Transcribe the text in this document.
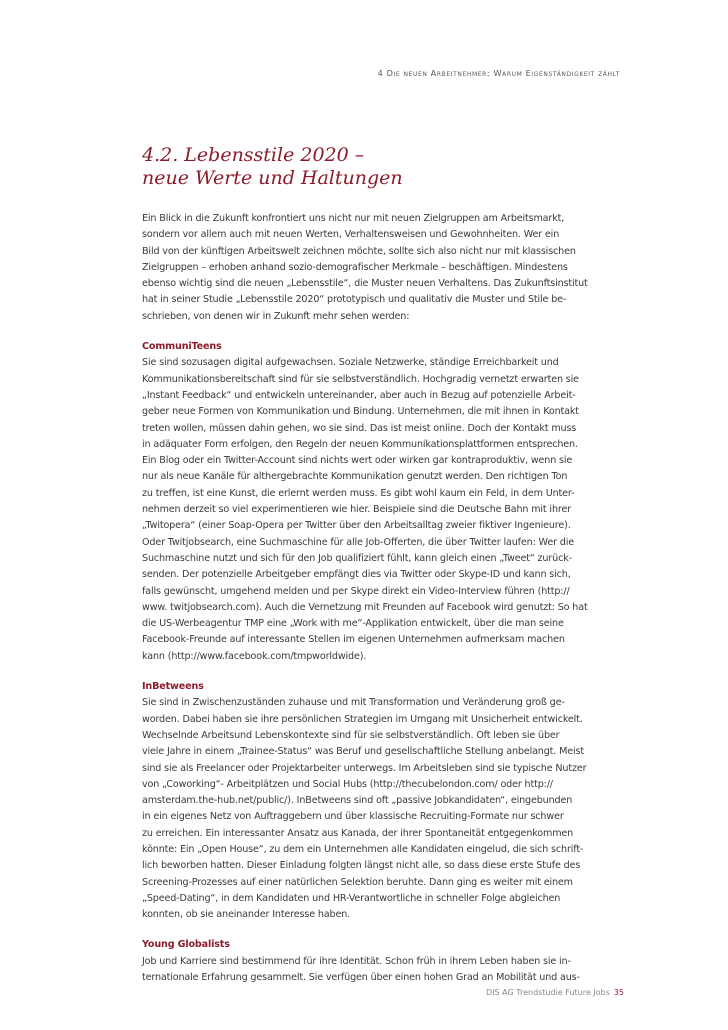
4 Die neuen Arbeitnehmer: Warum Eigenständigkeit zählt
4.2. Lebensstile 2020 –
neue Werte und Haltungen

Ein Blick in die Zukunft konfrontiert uns nicht nur mit neuen Zielgruppen am Arbeitsmarkt,
sondern vor allem auch mit neuen Werten, Verhaltensweisen und Gewohnheiten. Wer ein
Bild von der künftigen Arbeitswelt zeichnen möchte, sollte sich also nicht nur mit klassischen
Zielgruppen – erhoben anhand sozio-demografischer Merkmale – beschäftigen. Mindestens
ebenso wichtig sind die neuen „Lebensstile“, die Muster neuen Verhaltens. Das Zukunftsinstitut
hat in seiner Studie „Lebensstile 2020“ prototypisch und qualitativ die Muster und Stile be-
schrieben, von denen wir in Zukunft mehr sehen werden:

CommuniTeens
Sie sind sozusagen digital aufgewachsen. Soziale Netzwerke, ständige Erreichbarkeit und
Kommunikationsbereitschaft sind für sie selbstverständlich. Hochgradig vernetzt erwarten sie
„Instant Feedback“ und entwickeln untereinander, aber auch in Bezug auf potenzielle Arbeit-
geber neue Formen von Kommunikation und Bindung. Unternehmen, die mit ihnen in Kontakt
treten wollen, müssen dahin gehen, wo sie sind. Das ist meist online. Doch der Kontakt muss
in adäquater Form erfolgen, den Regeln der neuen Kommunikationsplattformen entsprechen.
Ein Blog oder ein Twitter-Account sind nichts wert oder wirken gar kontraproduktiv, wenn sie
nur als neue Kanäle für althergebrachte Kommunikation genutzt werden. Den richtigen Ton
zu treffen, ist eine Kunst, die erlernt werden muss. Es gibt wohl kaum ein Feld, in dem Unter-
nehmen derzeit so viel experimentieren wie hier. Beispiele sind die Deutsche Bahn mit ihrer
„Twitopera“ (einer Soap-Opera per Twitter über den Arbeitsalltag zweier fiktiver Ingenieure).
Oder Twitjobsearch, eine Suchmaschine für alle Job-Offerten, die über Twitter laufen: Wer die
Suchmaschine nutzt und sich für den Job qualifiziert fühlt, kann gleich einen „Tweet“ zurück-
senden. Der potenzielle Arbeitgeber empfängt dies via Twitter oder Skype-ID und kann sich,
falls gewünscht, umgehend melden und per Skype direkt ein Video-Interview führen (http://
www. twitjobsearch.com). Auch die Vernetzung mit Freunden auf Facebook wird genutzt: So hat
die US-Werbeagentur TMP eine „Work with me“-Applikation entwickelt, über die man seine
Facebook-Freunde auf interessante Stellen im eigenen Unternehmen aufmerksam machen
kann (http://www.facebook.com/tmpworldwide).

InBetweens
Sie sind in Zwischenzuständen zuhause und mit Transformation und Veränderung groß ge-
worden. Dabei haben sie ihre persönlichen Strategien im Umgang mit Unsicherheit entwickelt.
Wechselnde Arbeitsund Lebenskontexte sind für sie selbstverständlich. Oft leben sie über
viele Jahre in einem „Trainee-Status“ was Beruf und gesellschaftliche Stellung anbelangt. Meist
sind sie als Freelancer oder Projektarbeiter unterwegs. Im Arbeitsleben sind sie typische Nutzer
von „Coworking“- Arbeitplätzen und Social Hubs (http://thecubelondon.com/ oder http://
amsterdam.the-hub.net/public/). InBetweens sind oft „passive Jobkandidaten“, eingebunden
in ein eigenes Netz von Auftraggebern und über klassische Recruiting-Formate nur schwer
zu erreichen. Ein interessanter Ansatz aus Kanada, der ihrer Spontaneität entgegenkommen
könnte: Ein „Open House“, zu dem ein Unternehmen alle Kandidaten eingelud, die sich schrift-
lich beworben hatten. Dieser Einladung folgten längst nicht alle, so dass diese erste Stufe des
Screening-Prozesses auf einer natürlichen Selektion beruhte. Dann ging es weiter mit einem
„Speed-Dating“, in dem Kandidaten und HR-Verantwortliche in schneller Folge abgleichen
konnten, ob sie aneinander Interesse haben.

Young Globalists
Job und Karriere sind bestimmend für ihre Identität. Schon früh in ihrem Leben haben sie in-
ternationale Erfahrung gesammelt. Sie verfügen über einen hohen Grad an Mobilität und aus-

DIS AG Trendstudie Future Jobs 35
